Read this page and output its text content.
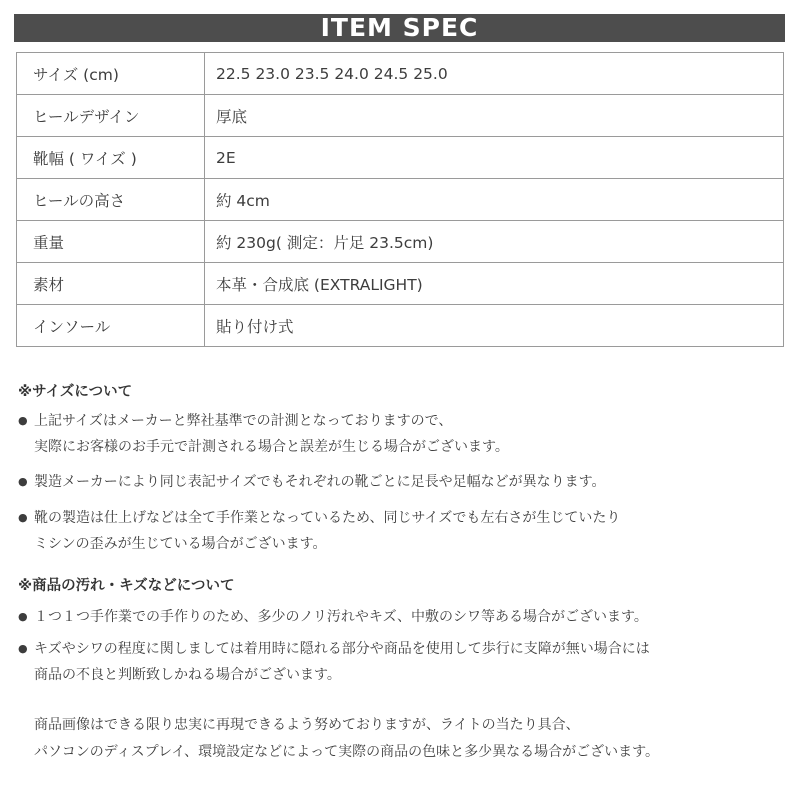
ITEM SPEC
サイズ (cm)	22.5 23.0 23.5 24.0 24.5 25.0
ヒールデザイン	厚底
靴幅 ( ワイズ )	2E
ヒールの高さ	約 4cm
重量	約 230g( 測定：片足 23.5cm)
素材	本革・合成底 (EXTRALIGHT)
インソール	貼り付け式
※サイズについて
● 上記サイズはメーカーと弊社基準での計測となっておりますので、
実際にお客様のお手元で計測される場合と誤差が生じる場合がございます。
● 製造メーカーにより同じ表記サイズでもそれぞれの靴ごとに足長や足幅などが異なります。
● 靴の製造は仕上げなどは全て手作業となっているため、同じサイズでも左右さが生じていたり
ミシンの歪みが生じている場合がございます。
※商品の汚れ・キズなどについて
● １つ１つ手作業での手作りのため、多少のノリ汚れやキズ、中敷のシワ等ある場合がございます。
● キズやシワの程度に関しましては着用時に隠れる部分や商品を使用して歩行に支障が無い場合には
商品の不良と判断致しかねる場合がございます。
商品画像はできる限り忠実に再現できるよう努めておりますが、ライトの当たり具合、
パソコンのディスプレイ、環境設定などによって実際の商品の色味と多少異なる場合がございます。
